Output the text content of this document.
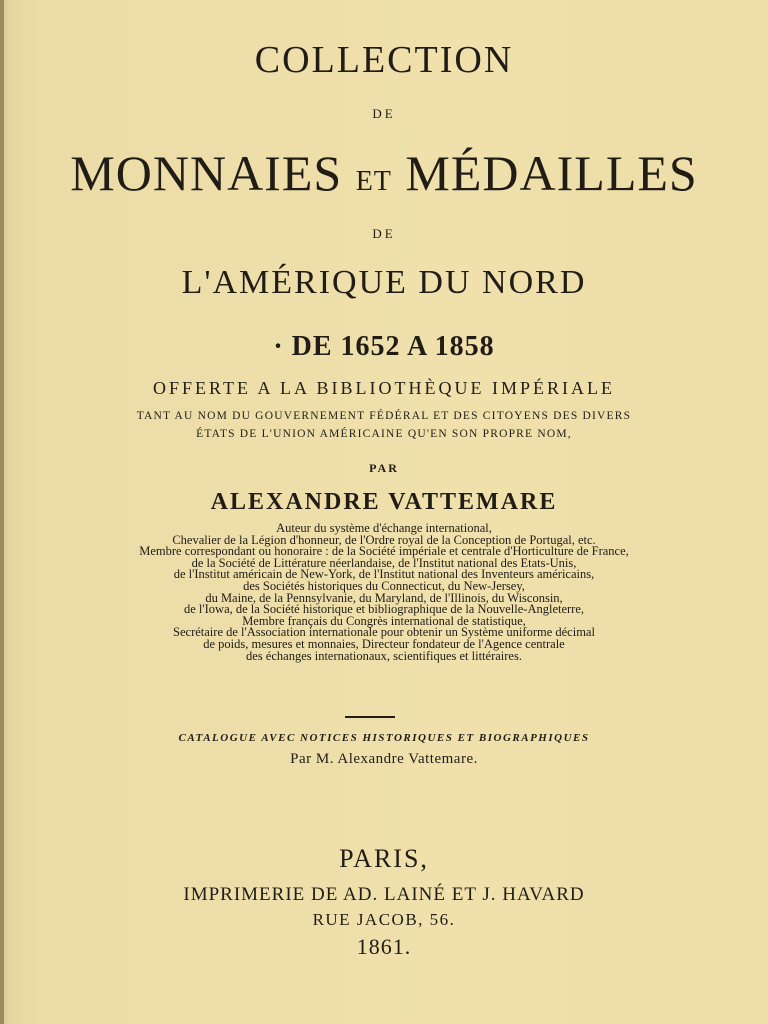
COLLECTION
DE
MONNAIES ET MÉDAILLES
DE
L'AMÉRIQUE DU NORD
· DE 1652 A 1858
OFFERTE A LA BIBLIOTHÈQUE IMPÉRIALE
TANT AU NOM DU GOUVERNEMENT FÉDÉRAL ET DES CITOYENS DES DIVERS
ÉTATS DE L'UNION AMÉRICAINE QU'EN SON PROPRE NOM,
PAR
ALEXANDRE VATTEMARE
Auteur du système d'échange international,
Chevalier de la Légion d'honneur, de l'Ordre royal de la Conception de Portugal, etc.
Membre correspondant ou honoraire : de la Société impériale et centrale d'Horticulture de France,
de la Société de Littérature néerlandaise, de l'Institut national des Etats-Unis,
de l'Institut américain de New-York, de l'Institut national des Inventeurs américains,
des Sociétés historiques du Connecticut, du New-Jersey,
du Maine, de la Pennsylvanie, du Maryland, de l'Illinois, du Wisconsin,
de l'Iowa, de la Société historique et bibliographique de la Nouvelle-Angleterre,
Membre français du Congrès international de statistique,
Secrétaire de l'Association internationale pour obtenir un Système uniforme décimal
de poids, mesures et monnaies, Directeur fondateur de l'Agence centrale
des échanges internationaux, scientifiques et littéraires.
CATALOGUE AVEC NOTICES HISTORIQUES ET BIOGRAPHIQUES
Par M. Alexandre Vattemare.
PARIS,
IMPRIMERIE DE AD. LAINÉ ET J. HAVARD
RUE JACOB, 56.
1861.
